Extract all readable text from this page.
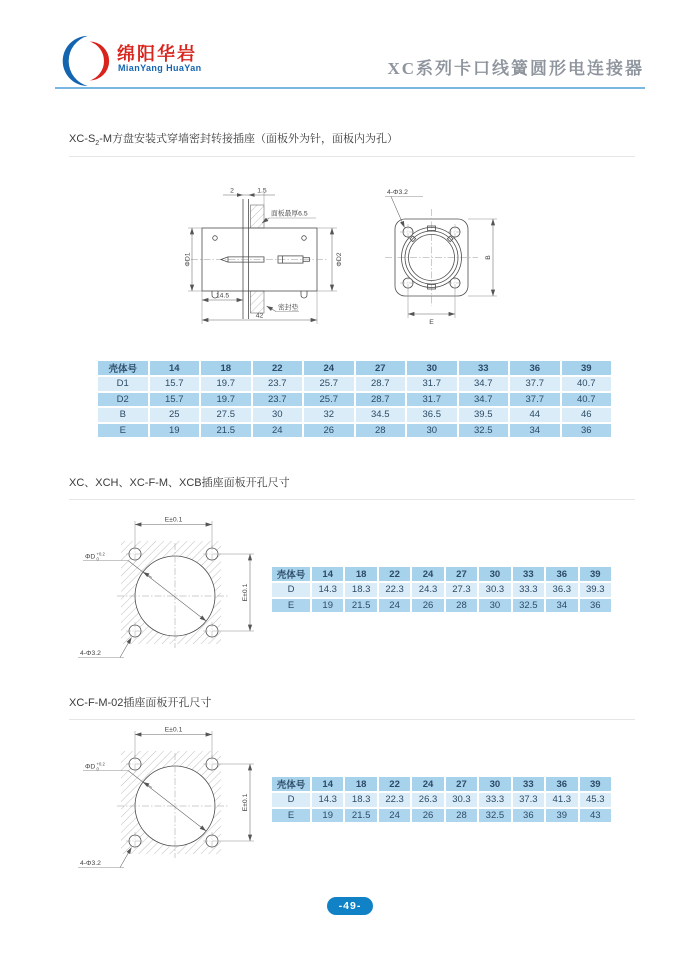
绵阳华岩
MianYang HuaYan	XC系列卡口线簧圆形电连接器
$XC-S_2-M$方盘安装式穿墙密封转接插座（面板外为针，面板内为孔）
2	1.5
面板最厚6.5
ΦD1	ΦD2
14.5
42
密封垫
4-Φ3.2
B
E
壳体号	14	18	22	24	27	30	33	36	39
D1	15.7	19.7	23.7	25.7	28.7	31.7	34.7	37.7	40.7
D2	15.7	19.7	23.7	25.7	28.7	31.7	34.7	37.7	40.7
B	25	27.5	30	32	34.5	36.5	39.5	44	46
E	19	21.5	24	26	28	30	32.5	34	36
XC、XCH、XC-F-M、XCB插座面板开孔尺寸
E±0.1
E±0.1
ΦD +0.2
0
4-Φ3.2
壳体号	14	18	22	24	27	30	33	36	39
D	14.3	18.3	22.3	24.3	27.3	30.3	33.3	36.3	39.3
E	19	21.5	24	26	28	30	32.5	34	36
XC-F-M-02插座面板开孔尺寸
壳体号	14	18	22	24	27	30	33	36	39
D	14.3	18.3	22.3	26.3	30.3	33.3	37.3	41.3	45.3
E	19	21.5	24	26	28	32.5	36	39	43
-49-
